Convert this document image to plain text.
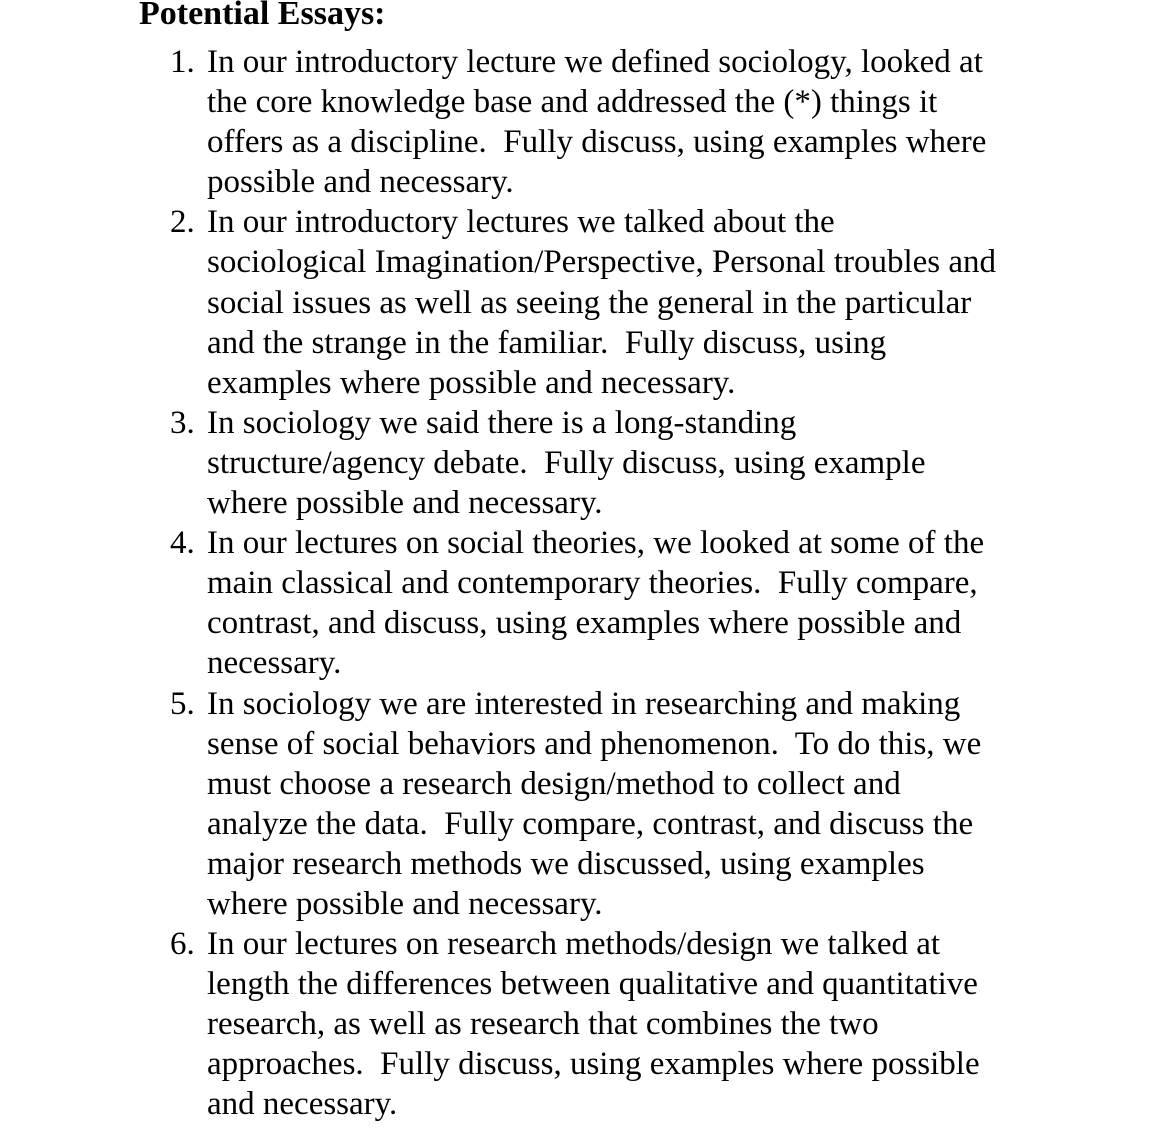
Potential Essays:
1. In our introductory lecture we defined sociology, looked at
the core knowledge base and addressed the (*) things it
offers as a discipline.  Fully discuss, using examples where
possible and necessary.
2. In our introductory lectures we talked about the
sociological Imagination/Perspective, Personal troubles and
social issues as well as seeing the general in the particular
and the strange in the familiar.  Fully discuss, using
examples where possible and necessary.
3. In sociology we said there is a long-standing
structure/agency debate.  Fully discuss, using example
where possible and necessary.
4. In our lectures on social theories, we looked at some of the
main classical and contemporary theories.  Fully compare,
contrast, and discuss, using examples where possible and
necessary.
5. In sociology we are interested in researching and making
sense of social behaviors and phenomenon.  To do this, we
must choose a research design/method to collect and
analyze the data.  Fully compare, contrast, and discuss the
major research methods we discussed, using examples
where possible and necessary.
6. In our lectures on research methods/design we talked at
length the differences between qualitative and quantitative
research, as well as research that combines the two
approaches.  Fully discuss, using examples where possible
and necessary.
